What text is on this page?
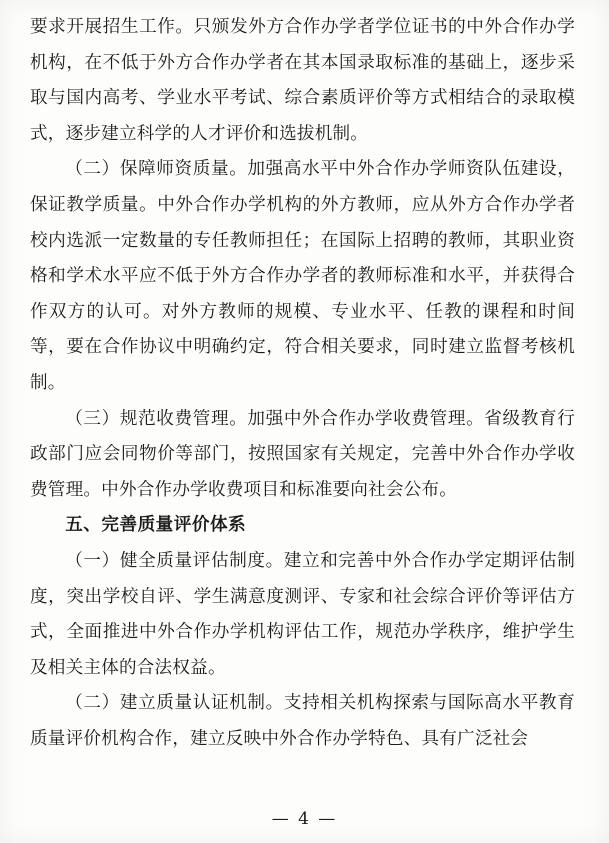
要求开展招生工作。只颁发外方合作办学者学位证书的中外合作办学机构，在不低于外方合作办学者在其本国录取标准的基础上，逐步采取与国内高考、学业水平考试、综合素质评价等方式相结合的录取模式，逐步建立科学的人才评价和选拔机制。

（二）保障师资质量。加强高水平中外合作办学师资队伍建设，保证教学质量。中外合作办学机构的外方教师，应从外方合作办学者校内选派一定数量的专任教师担任；在国际上招聘的教师，其职业资格和学术水平应不低于外方合作办学者的教师标准和水平，并获得合作双方的认可。对外方教师的规模、专业水平、任教的课程和时间等，要在合作协议中明确约定，符合相关要求，同时建立监督考核机制。

（三）规范收费管理。加强中外合作办学收费管理。省级教育行政部门应会同物价等部门，按照国家有关规定，完善中外合作办学收费管理。中外合作办学收费项目和标准要向社会公布。

五、完善质量评价体系

（一）健全质量评估制度。建立和完善中外合作办学定期评估制度，突出学校自评、学生满意度测评、专家和社会综合评价等评估方式，全面推进中外合作办学机构评估工作，规范办学秩序，维护学生及相关主体的合法权益。

（二）建立质量认证机制。支持相关机构探索与国际高水平教育质量评价机构合作，建立反映中外合作办学特色、具有广泛社会

— 4 —
